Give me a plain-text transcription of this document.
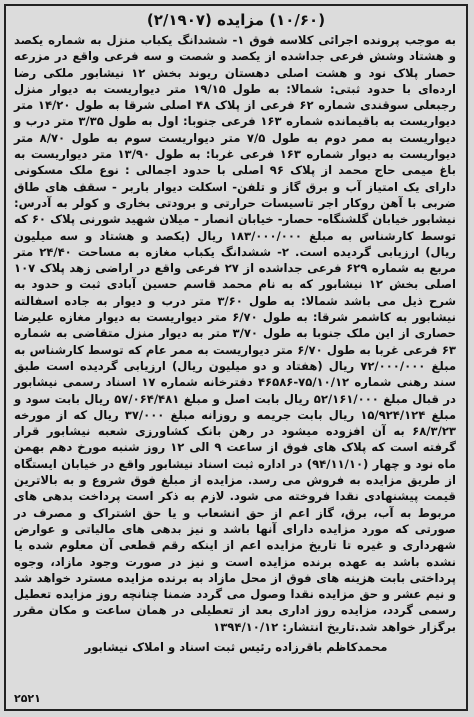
(۱۰/۶۰) مزایده (۲/۱۹۰۷)
به موجب پرونده اجرائی کلاسه فوق ۱- ششدانگ یکباب منزل به شماره یکصد و هشتاد وشش فرعی جداشده از یکصد و شصت و سه فرعی واقع در مزرعه حصار پلاک نود و هشت اصلی دهستان ریوند بخش ۱۲ نیشابور ملکی رضا ارده‌ای با حدود ثبتی: شمالا: به طول ۱۹/۱۵ متر دیواریست به دیوار منزل رجبعلی سوقندی شماره ۶۲ فرعی از پلاک ۴۸ اصلی شرقا به طول ۱۴/۲۰ متر دیواریست به باقیمانده شماره ۱۶۳ فرعی جنوبا: اول به طول ۳/۳۵ متر درب و دیواریست به ممر دوم به طول ۷/۵ متر دیواریست سوم به طول ۸/۷۰ متر دیواریست به دیوار شماره ۱۶۳ فرعی غربا: به طول ۱۳/۹۰ متر دیواریست به باغ میمی حاج محمد از پلاک ۹۶ اصلی با حدود اجمالی : نوع ملک مسکونی دارای یک امتیاز آب و برق گاز و تلفن- اسکلت دیوار باربر - سقف های طاق ضربی با آهن روکار اجر تاسیسات حرارتی و برودتی بخاری و کولر به آدرس: نیشابور خیابان گلشنگاه- حصار- خیابان انصار - میلان شهید شورنی پلاک ۶۰ که توسط کارشناس به مبلغ ۱۸۳/۰۰۰/۰۰۰ ریال (یکصد و هشتاد و سه میلیون ریال) ارزیابی گردیده است. ۲- ششدانگ یکباب مغازه به مساحت ۲۴/۴۰ متر مربع به شماره ۶۲۹ فرعی جداشده از ۲۷ فرعی واقع در اراضی زهد پلاک ۱۰۷ اصلی بخش ۱۲ نیشابور که به نام محمد قاسم حسین آبادی ثبت و حدود به شرح ذیل می باشد شمالا: به طول ۳/۶۰ متر درب و دیوار به جاده اسفالته نیشابور به کاشمر شرقا: به طول ۶/۷۰ متر دیواریست به دیوار مغازه علیرضا حصاری از این ملک جنوبا به طول ۳/۷۰ متر به دیوار منزل متقاضی به شماره ۶۳ فرعی غربا به طول ۶/۷۰ متر دیواریست به ممر عام که توسط کارشناس به مبلغ ۷۲/۰۰۰/۰۰۰ ریال (هفتاد و دو میلیون ریال) ارزیابی گردیده است طبق سند رهنی شماره ۷۵/۱۰/۱۲-۴۶۵۸۶ دفترخانه شماره ۱۷ اسناد رسمی نیشابور در قبال مبلغ ۵۲/۱۶۱/۰۰۰ ریال بابت اصل و مبلغ ۵۷/۰۶۴/۴۸۱ ریال بابت سود و مبلغ ۱۵/۹۲۴/۱۲۴ ریال بابت جریمه و روزانه مبلغ ۳۷/۰۰۰ ریال که از مورخه ۶۸/۳/۲۳ به آن افزوده میشود در رهن بانک کشاورزی شعبه نیشابور قرار گرفته است که پلاک های فوق از ساعت ۹ الی ۱۲ روز شنبه مورخ دهم بهمن ماه نود و چهار (۹۴/۱۱/۱۰) در اداره ثبت اسناد نیشابور واقع در خیابان ایستگاه از طریق مزایده به فروش می رسد. مزایده از مبلغ فوق شروع و به بالاترین قیمت پیشنهادی نقدا فروخته می شود. لازم به ذکر است پرداخت بدهی های مربوط به آب، برق، گاز اعم از حق انشعاب و یا حق اشتراک و مصرف در صورتی که مورد مزایده دارای آنها باشد و نیز بدهی های مالیاتی و عوارض شهرداری و غیره تا تاریخ مزایده اعم از اینکه رقم قطعی آن معلوم شده یا نشده باشد به عهده برنده مزایده است و نیز در صورت وجود مازاد، وجوه پرداختی بابت هزینه های فوق از محل مازاد به برنده مزایده مسترد خواهد شد و نیم عشر و حق مزایده نقدا وصول می گردد ضمنا چنانچه روز مزایده تعطیل رسمی گردد، مزایده روز اداری بعد از تعطیلی در همان ساعت و مکان مقرر برگزار خواهد شد.تاریخ انتشار: ۱۳۹۴/۱۰/۱۲
محمدکاظم باقرزاده رئیس ثبت اسناد و املاک نیشابور
۲۵۲۱
